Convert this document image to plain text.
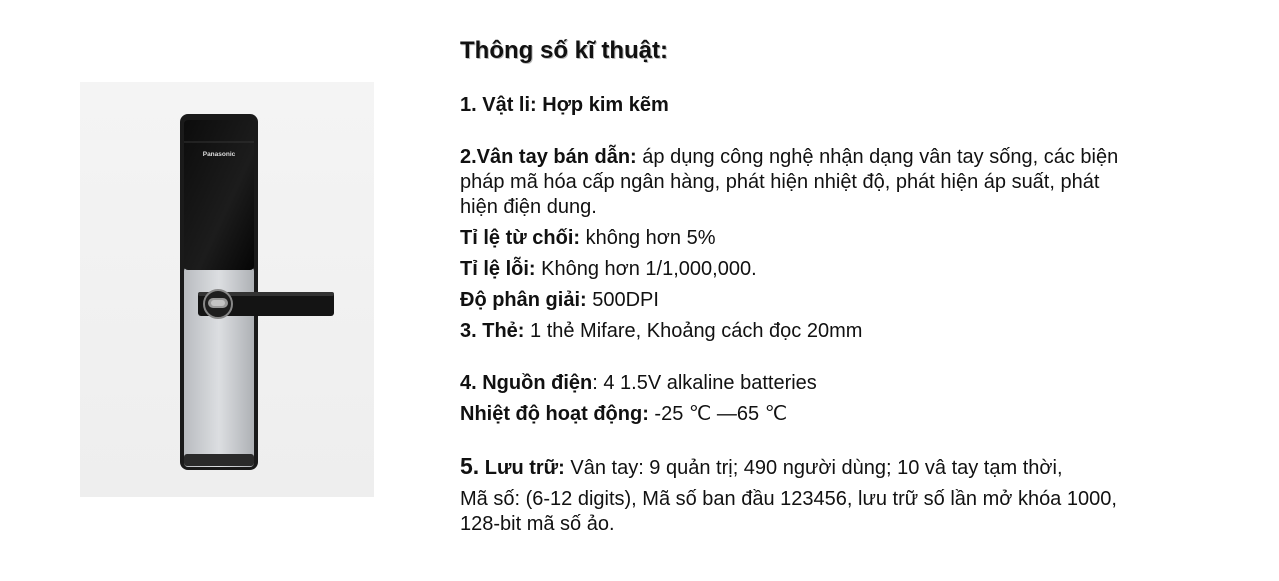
Panasonic

Thông số kĩ thuật:

1. Vật li: Hợp kim kẽm

2.Vân tay bán dẫn: áp dụng công nghệ nhận dạng vân tay sống, các biện pháp mã hóa cấp ngân hàng, phát hiện nhiệt độ, phát hiện áp suất, phát hiện điện dung.

Tỉ lệ từ chối: không hơn 5%

Tỉ lệ lỗi: Không hơn 1/1,000,000.

Độ phân giải: 500DPI

3. Thẻ: 1 thẻ Mifare, Khoảng cách đọc 20mm

4. Nguồn điện: 4 1.5V alkaline batteries

Nhiệt độ hoạt động: -25 ℃ —65 ℃

5. Lưu trữ: Vân tay: 9 quản trị; 490 người dùng; 10 vâ tay tạm thời,

Mã số: (6-12 digits), Mã số ban đầu 123456, lưu trữ số lần mở khóa 1000, 128-bit mã số ảo.
